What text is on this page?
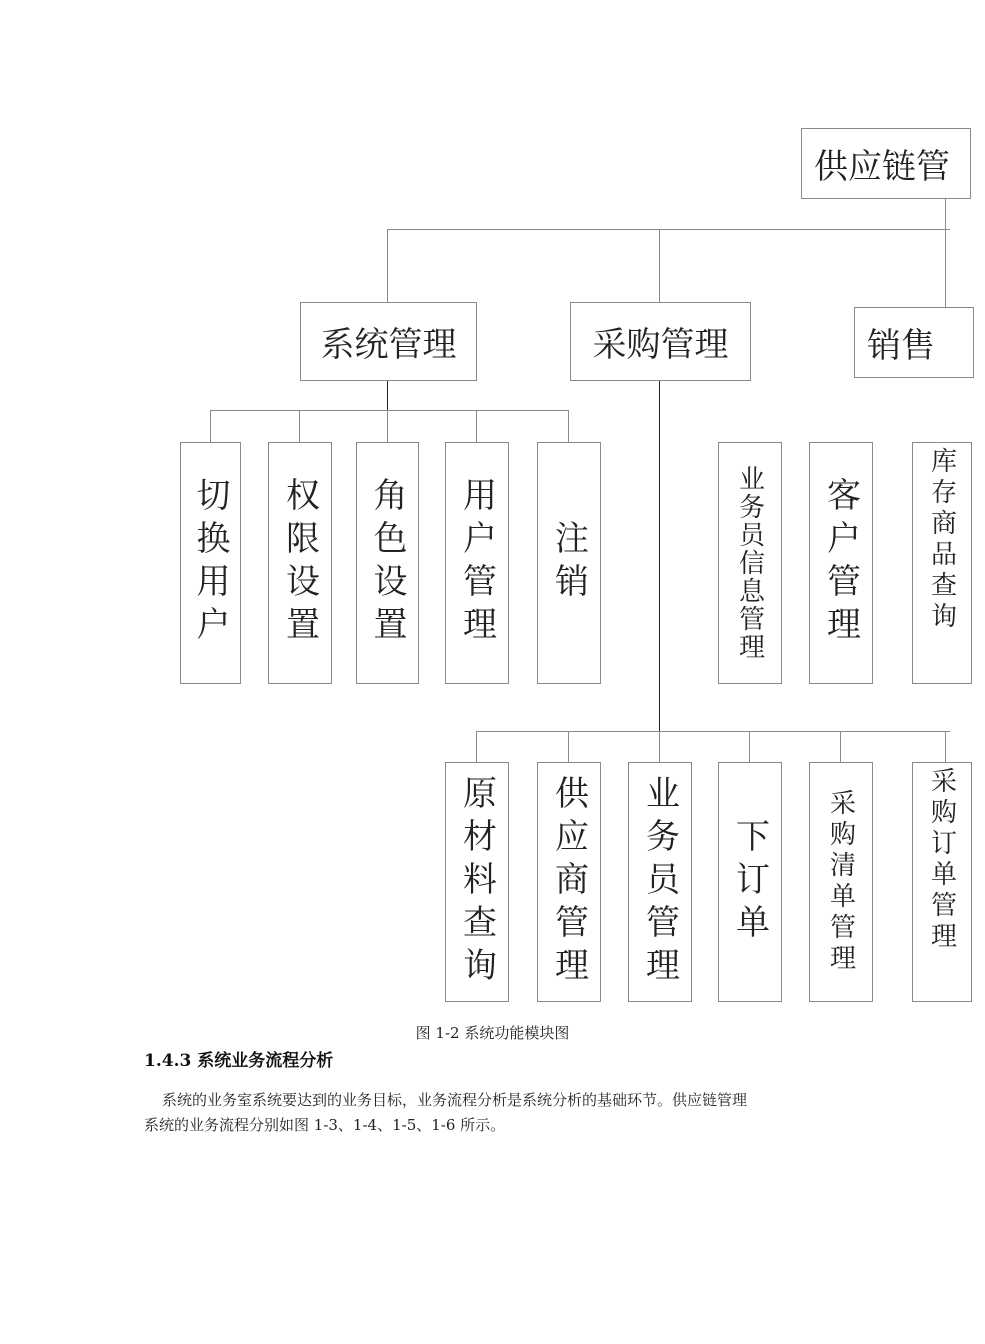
供应链管
系统管理	采购管理	销售
切换用户 权限设置 角色设置 用户管理 注销	业务员信息管理 客户管理	库存商品查询
原材料查询 供应商管理 业务员管理 下订单 采购清单管理	采购订单管理
图 1-2 系统功能模块图
1.4.3 系统业务流程分析
系统的业务室系统要达到的业务目标，业务流程分析是系统分析的基础环节。供应链管理
系统的业务流程分别如图 1-3、1-4、1-5、1-6 所示。
